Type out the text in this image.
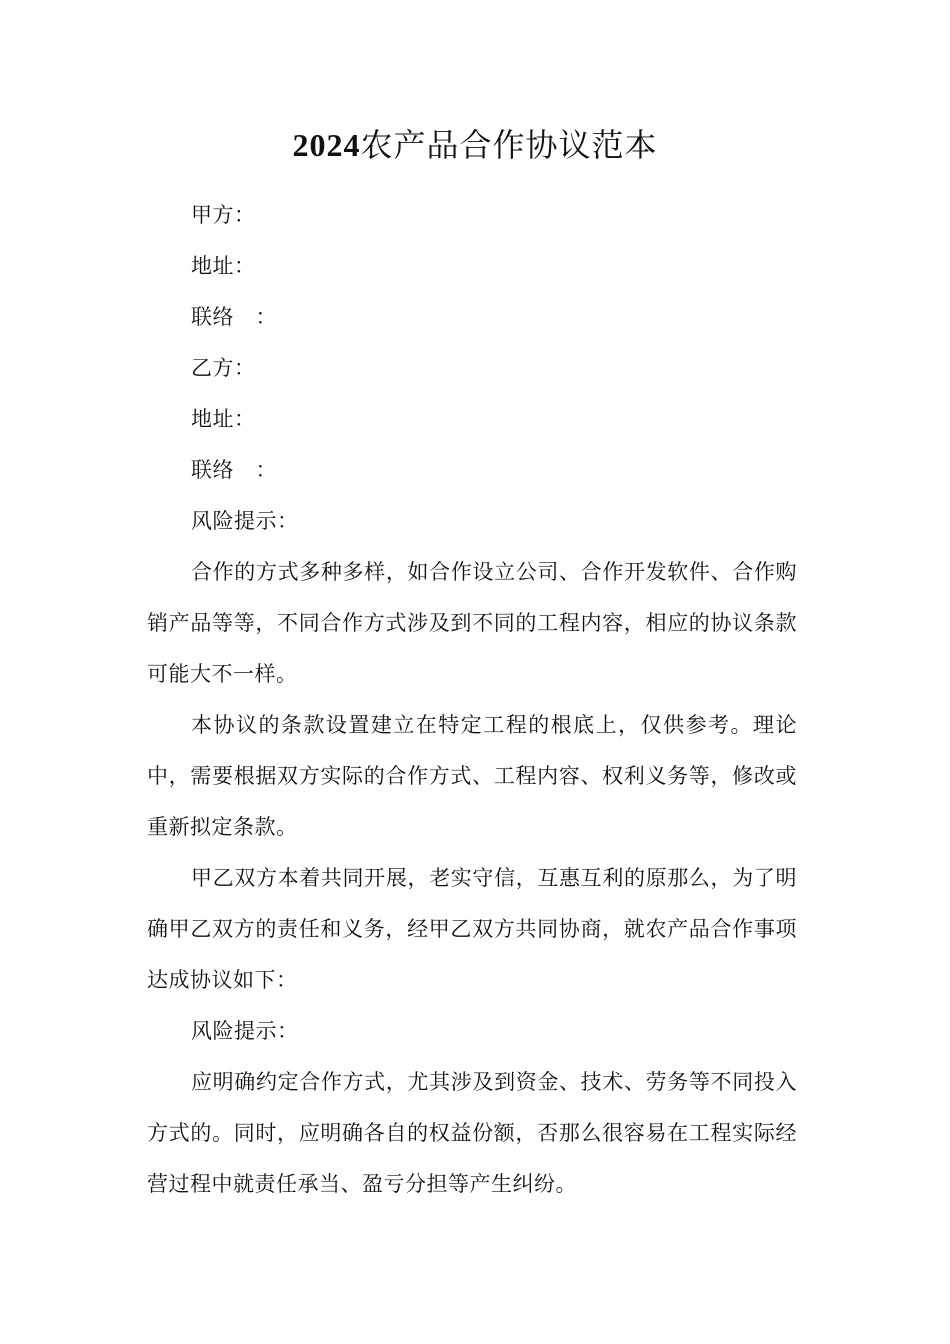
2024农产品合作协议范本

甲方：

地址：

联络　：

乙方：

地址：

联络　：

风险提示：

合作的方式多种多样，如合作设立公司、合作开发软件、合作购销产品等等，不同合作方式涉及到不同的工程内容，相应的协议条款可能大不一样。

本协议的条款设置建立在特定工程的根底上，仅供参考。理论中，需要根据双方实际的合作方式、工程内容、权利义务等，修改或重新拟定条款。

甲乙双方本着共同开展，老实守信，互惠互利的原那么，为了明确甲乙双方的责任和义务，经甲乙双方共同协商，就农产品合作事项达成协议如下：

风险提示：

应明确约定合作方式，尤其涉及到资金、技术、劳务等不同投入方式的。同时，应明确各自的权益份额，否那么很容易在工程实际经营过程中就责任承当、盈亏分担等产生纠纷。
